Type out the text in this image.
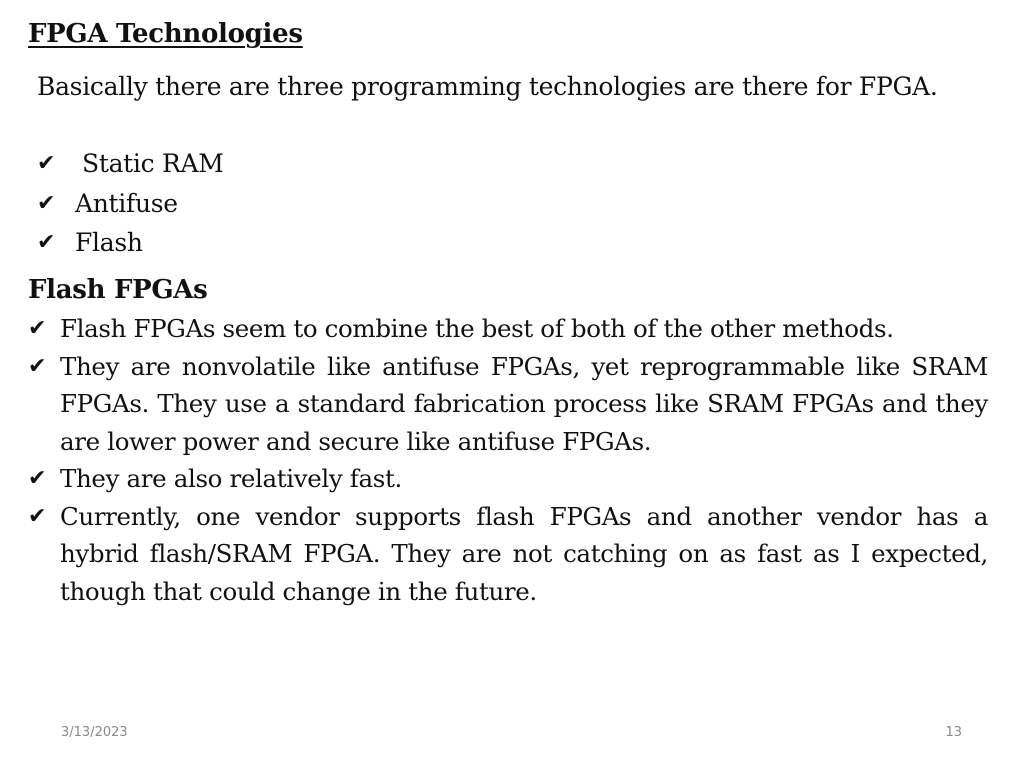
FPGA Technologies
Basically there are three programming technologies are there for FPGA.
✔ Static RAM
✔ Antifuse
✔ Flash
Flash FPGAs
✔ Flash FPGAs seem to combine the best of both of the other methods.
✔ They are nonvolatile like antifuse FPGAs, yet reprogrammable like SRAM FPGAs. They use a standard fabrication process like SRAM FPGAs and they are lower power and secure like antifuse FPGAs.
✔ They are also relatively fast.
✔ Currently, one vendor supports flash FPGAs and another vendor has a hybrid flash/SRAM FPGA. They are not catching on as fast as I expected, though that could change in the future.
3/13/2023	13
